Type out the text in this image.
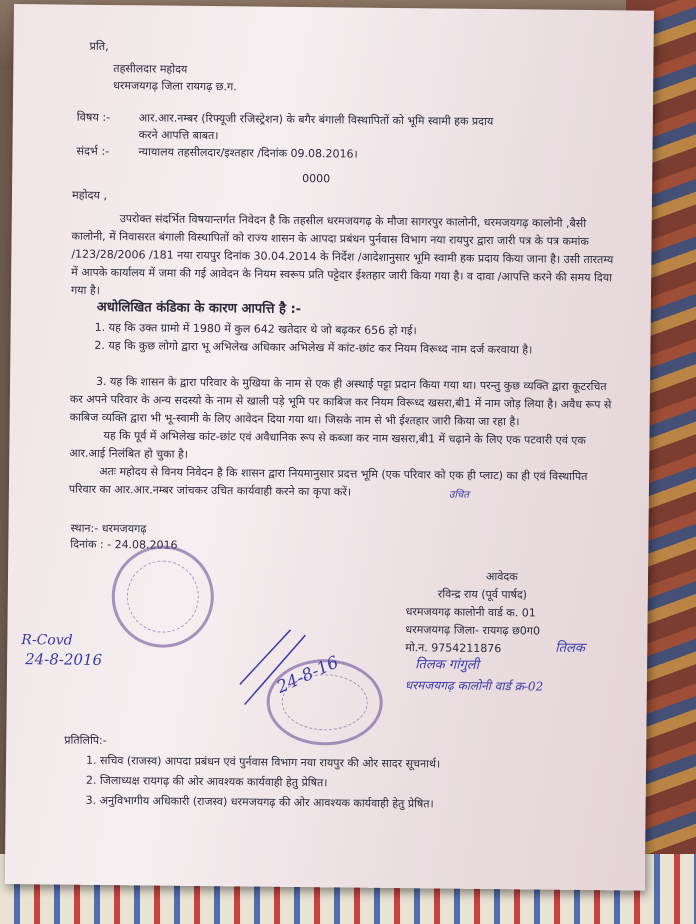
प्रति,
तहसीलदार महोदय
धरमजयगढ़ जिला रायगढ़ छ.ग.
विषय :-	आर.आर.नम्बर (रिफ्यूजी रजिस्ट्रेशन) के बगैर बंगाली विस्थापितों को भूमि स्वामी हक प्रदाय
करने आपत्ति बाबत।
संदर्भ :-	न्यायालय तहसीलदार/इश्तहार /दिनांक 09.08.2016।
0000
महोदय ,
उपरोक्त संदर्भित विषयान्तर्गत निवेदन है कि तहसील धरमजयगढ़ के मौजा सागरपुर कालोनी, धरमजयगढ़ कालोनी ,बैसी कालोनी, में निवासरत बंगाली विस्थापितों को राज्य शासन के आपदा प्रबंधन पुर्नवास विभाग नया रायपुर द्वारा जारी पत्र के पत्र कमांक /123/28/2006 /181 नया रायपुर दिनांक 30.04.2014 के निर्देश /आदेशानुसार भूमि स्वामी हक प्रदाय किया जाना है। उसी तारतम्य में आपके कार्यालय में जमा की गई आवेदन के नियम स्वरूप प्रति पट्टेदार ईश्तहार जारी किया गया है। व दावा /आपत्ति करने की समय दिया गया है।
अधोलिखित कंडिका के कारण आपत्ति है :-
1. यह कि उक्त ग्रामो में 1980 में कुल 642 खतेदार थे जो बढ़कर 656 हो गई।
2. यह कि कुछ लोगो द्वारा भू अभिलेख अधिकार अभिलेख में कांट-छांट कर नियम विरूध्द नाम दर्ज करवाया है।
3. यह कि शासन के द्वारा परिवार के मुखिया के नाम से एक ही अस्थाई पट्टा प्रदान किया गया था। परन्तु कुछ व्यक्ति द्वारा कूटरचित कर अपने परिवार के अन्य सदस्यो के नाम से खाली पड़े भूमि पर काबिज कर नियम विरूध्द खसरा,बी1 में नाम जोड़ लिया है। अवैध रूप से काबिज व्यक्ति द्वारा भी भू-स्वामी के लिए आवेदन दिया गया था। जिसके नाम से भी ईश्तहार जारी किया जा रहा है।
यह कि पूर्व में अभिलेख कांट-छांट एवं अवैधानिक रूप से कब्जा कर नाम खसरा,बी1 में चढ़ाने के लिए एक पटवारी एवं एक आर.आई निलंबित हो चुका है।
अतः महोदय से विनय निवेदन है कि शासन द्वारा नियमानुसार प्रदत्त भूमि (एक परिवार को एक ही प्लाट) का ही एवं विस्थापित परिवार का आर.आर.नम्बर जांचकर उचित कार्यवाही करने का कृपा करें।
स्थान:- धरमजयगढ़
दिनांक : - 24.08.2016
आवेदक
रविन्द्र राय (पूर्व पार्षद)
धरमजयगढ़ कालोनी वार्ड क. 01
धरमजयगढ़ जिला- रायगढ़ छ0ग0
मो.न. 9754211876
R-Covd
24-8-2016	24-8-16
तिलक
तिलक गांगुली
धरमजयगढ़ कालोनी वार्ड क्र-02
उचित
प्रतिलिपि:-
1. सचिव (राजस्व) आपदा प्रबंधन एवं पुर्नवास विभाग नया रायपुर की ओर सादर सूचनार्थ।
2. जिलाध्यक्ष रायगढ़ की ओर आवश्यक कार्यवाही हेतु प्रेषित।
3. अनुविभागीय अधिकारी (राजस्व) धरमजयगढ़ की ओर आवश्यक कार्यवाही हेतु प्रेषित।
